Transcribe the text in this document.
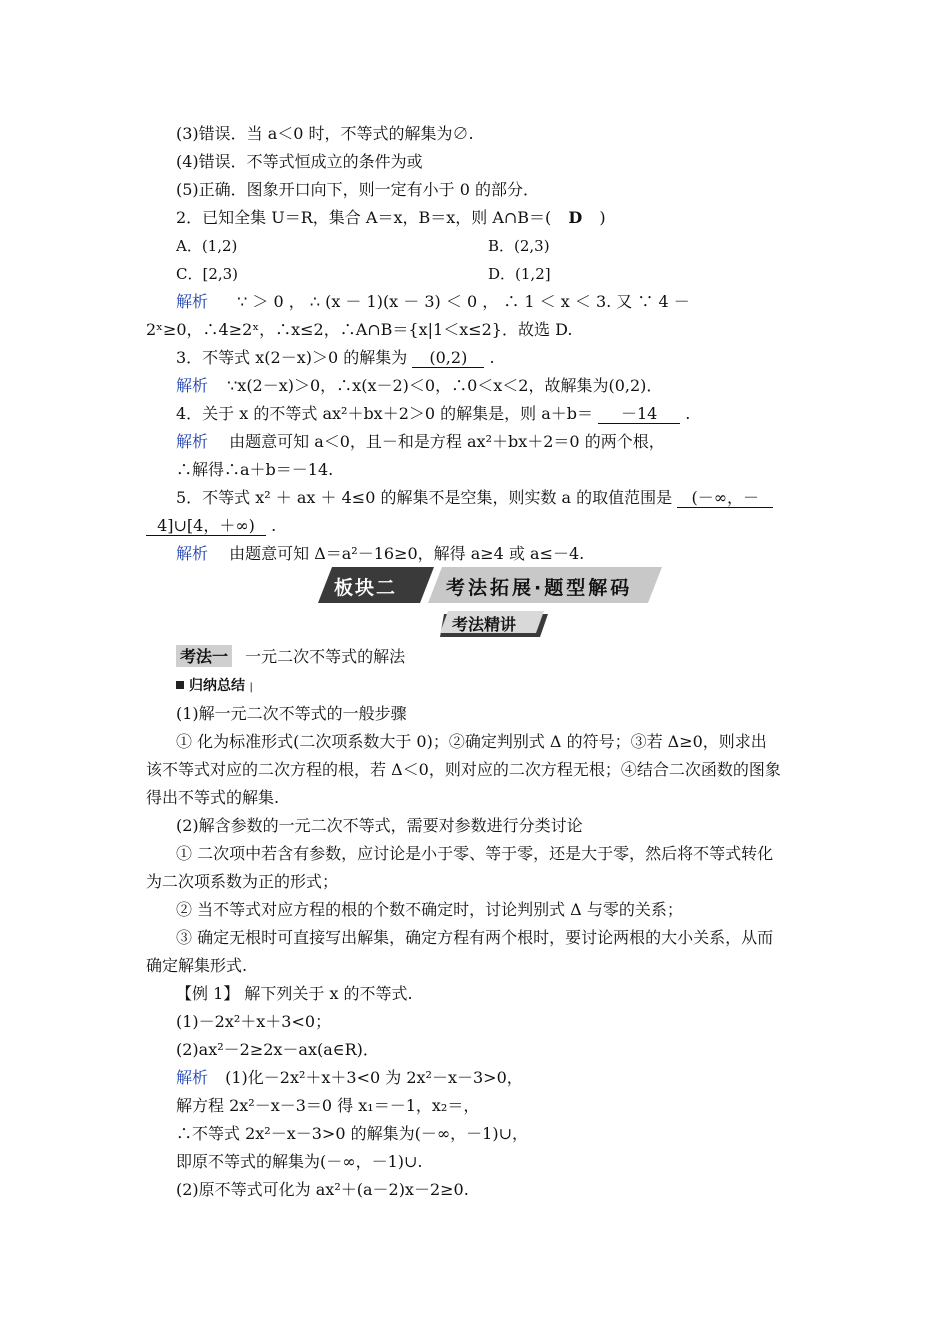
(3)错误．当 a＜0 时，不等式的解集为∅.
(4)错误．不等式恒成立的条件为或
(5)正确．图象开口向下，则一定有小于 0 的部分．
2．已知全集 U＝R，集合 A＝x，B＝x，则 A∩B＝( D )
A．(1,2)	B．(2,3)
C．[2,3)	D．(1,2]
解析 ∵ ＞ 0 ， ∴ (x － 1)(x － 3) ＜ 0 ， ∴ 1 ＜ x ＜ 3. 又 ∵ 4 －
2ˣ≥0，∴4≥2ˣ，∴x≤2，∴A∩B＝{x|1＜x≤2}．故选 D.
3．不等式 x(2－x)＞0 的解集为 (0,2) .
解析 ∵x(2－x)＞0，∴x(x－2)＜0，∴0＜x＜2，故解集为(0,2)．
4．关于 x 的不等式 ax²＋bx＋2＞0 的解集是，则 a＋b＝ －14 .
解析 由题意可知 a＜0，且－和是方程 ax²＋bx＋2＝0 的两个根，
∴解得∴a＋b＝－14.
5．不等式 x² ＋ ax ＋ 4≤0 的解集不是空集，则实数 a 的取值范围是 (－∞，－
4]∪[4，＋∞) .
解析 由题意可知 Δ＝a²－16≥0，解得 a≥4 或 a≤－4.
板块二	考法拓展·题型解码
考法精讲
考法一 一元二次不等式的解法
归纳总结 ❘
(1)解一元二次不等式的一般步骤
① 化为标准形式(二次项系数大于 0)；②确定判别式 Δ 的符号；③若 Δ≥0，则求出
该不等式对应的二次方程的根，若 Δ＜0，则对应的二次方程无根；④结合二次函数的图象
得出不等式的解集.
(2)解含参数的一元二次不等式，需要对参数进行分类讨论
① 二次项中若含有参数，应讨论是小于零、等于零，还是大于零，然后将不等式转化
为二次项系数为正的形式；
② 当不等式对应方程的根的个数不确定时，讨论判别式 Δ 与零的关系；
③ 确定无根时可直接写出解集，确定方程有两个根时，要讨论两根的大小关系，从而
确定解集形式.
【例 1】 解下列关于 x 的不等式.
(1)－2x²＋x＋3<0；
(2)ax²－2≥2x－ax(a∈R)．
解析 (1)化－2x²＋x＋3<0 为 2x²－x－3>0，
解方程 2x²－x－3＝0 得 x₁＝－1，x₂＝，
∴不等式 2x²－x－3>0 的解集为(－∞，－1)∪，
即原不等式的解集为(－∞，－1)∪.
(2)原不等式可化为 ax²＋(a－2)x－2≥0.
